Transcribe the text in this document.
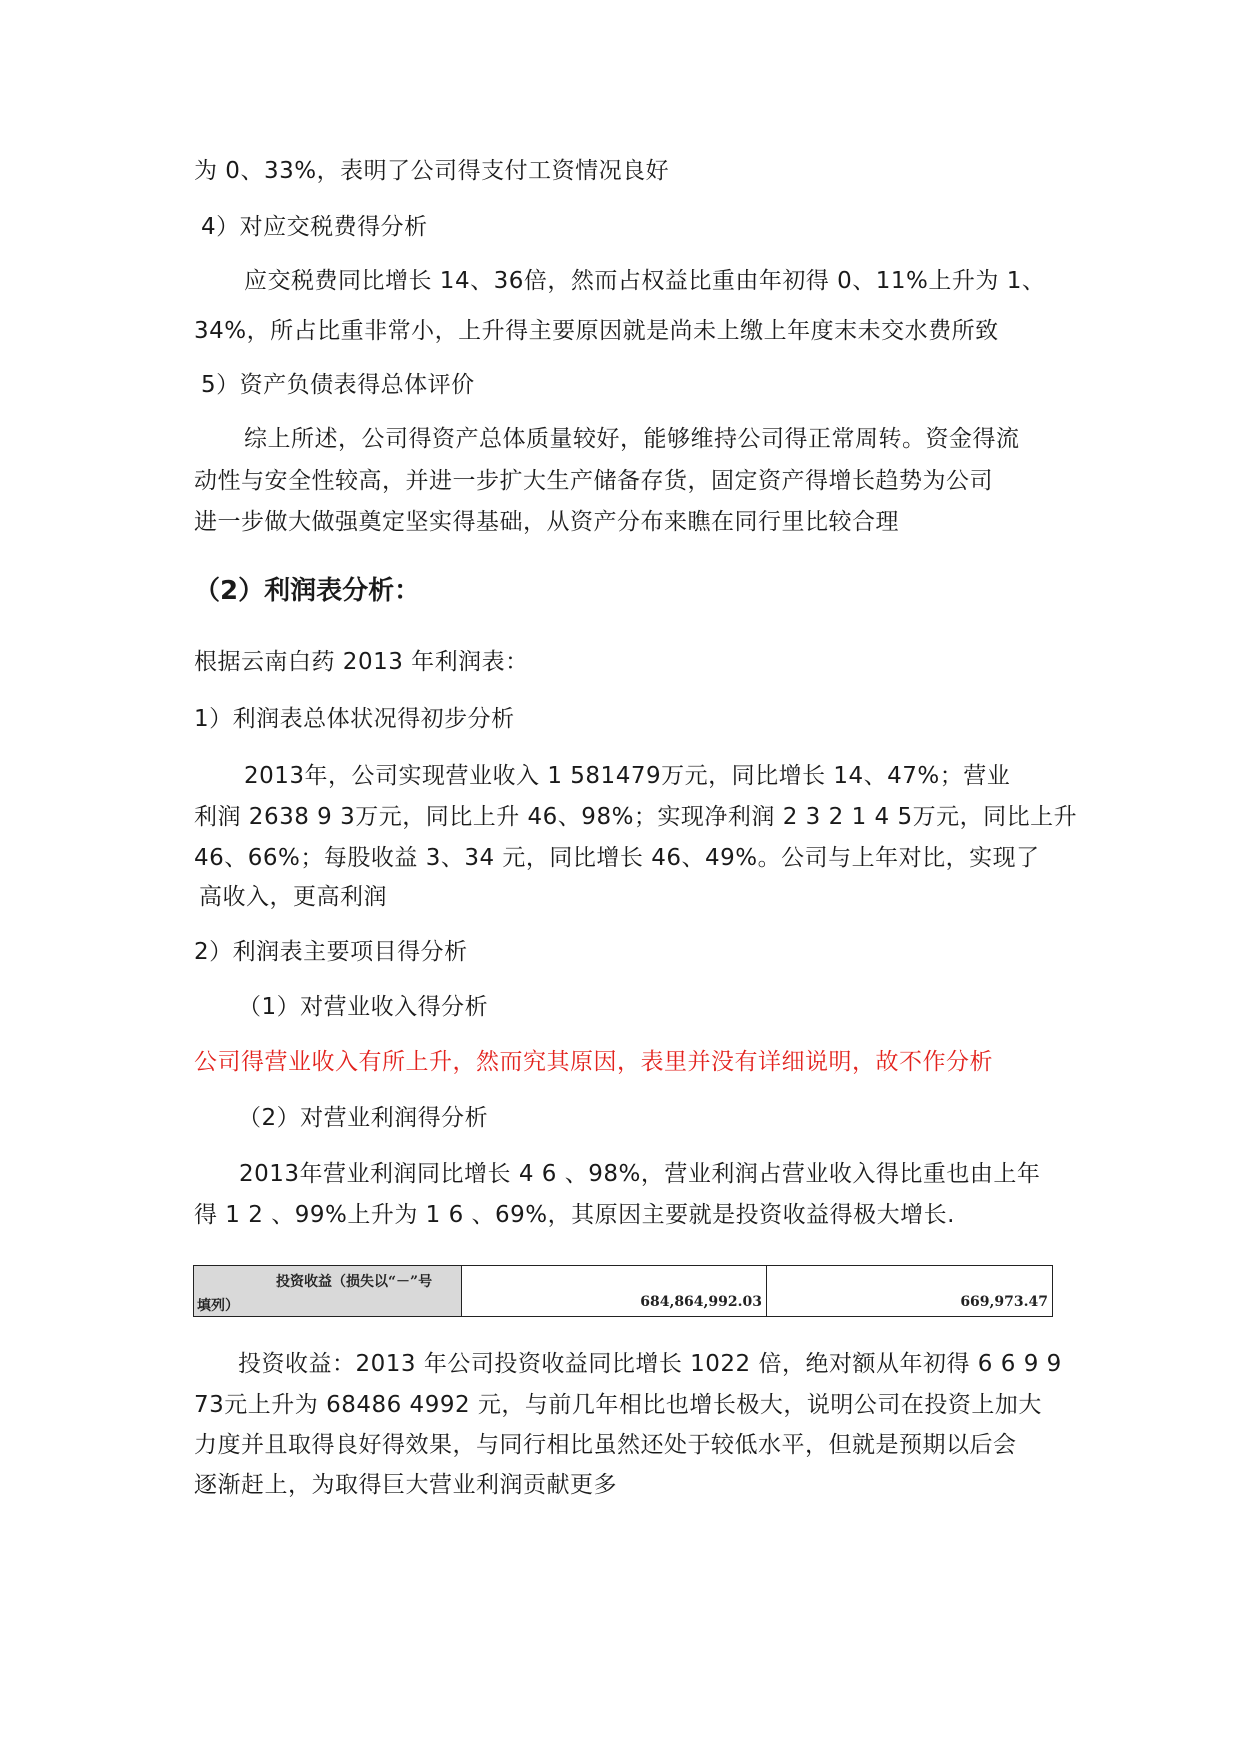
为 0、33%，表明了公司得支付工资情况良好
4）对应交税费得分析
应交税费同比增长 14、36倍，然而占权益比重由年初得 0、11%上升为 1、
34%，所占比重非常小，上升得主要原因就是尚未上缴上年度末未交水费所致
5）资产负债表得总体评价
综上所述，公司得资产总体质量较好，能够维持公司得正常周转。资金得流
动性与安全性较高，并进一步扩大生产储备存货，固定资产得增长趋势为公司
进一步做大做强奠定坚实得基础，从资产分布来瞧在同行里比较合理
（2）利润表分析：
根据云南白药 2013 年利润表：
1）利润表总体状况得初步分析
2013年，公司实现营业收入 1 581479万元，同比增长 14、47%；营业
利润 2638 9 3万元，同比上升 46、98%；实现净利润 2 3 2 1 4 5万元，同比上升
46、66%；每股收益 3、34 元，同比增长 46、49%。公司与上年对比，实现了
高收入，更高利润
2）利润表主要项目得分析
（1）对营业收入得分析
公司得营业收入有所上升，然而究其原因，表里并没有详细说明，故不作分析
（2）对营业利润得分析
2013年营业利润同比增长 4 6 、98%，营业利润占营业收入得比重也由上年
得 1 2 、99%上升为 1 6 、69%，其原因主要就是投资收益得极大增长.
投资收益（损失以“－”号
填列）	684,864,992.03	669,973.47
投资收益：2013 年公司投资收益同比增长 1022 倍，绝对额从年初得 6 6 9 9
73元上升为 68486 4992 元，与前几年相比也增长极大，说明公司在投资上加大
力度并且取得良好得效果，与同行相比虽然还处于较低水平，但就是预期以后会
逐渐赶上，为取得巨大营业利润贡献更多
